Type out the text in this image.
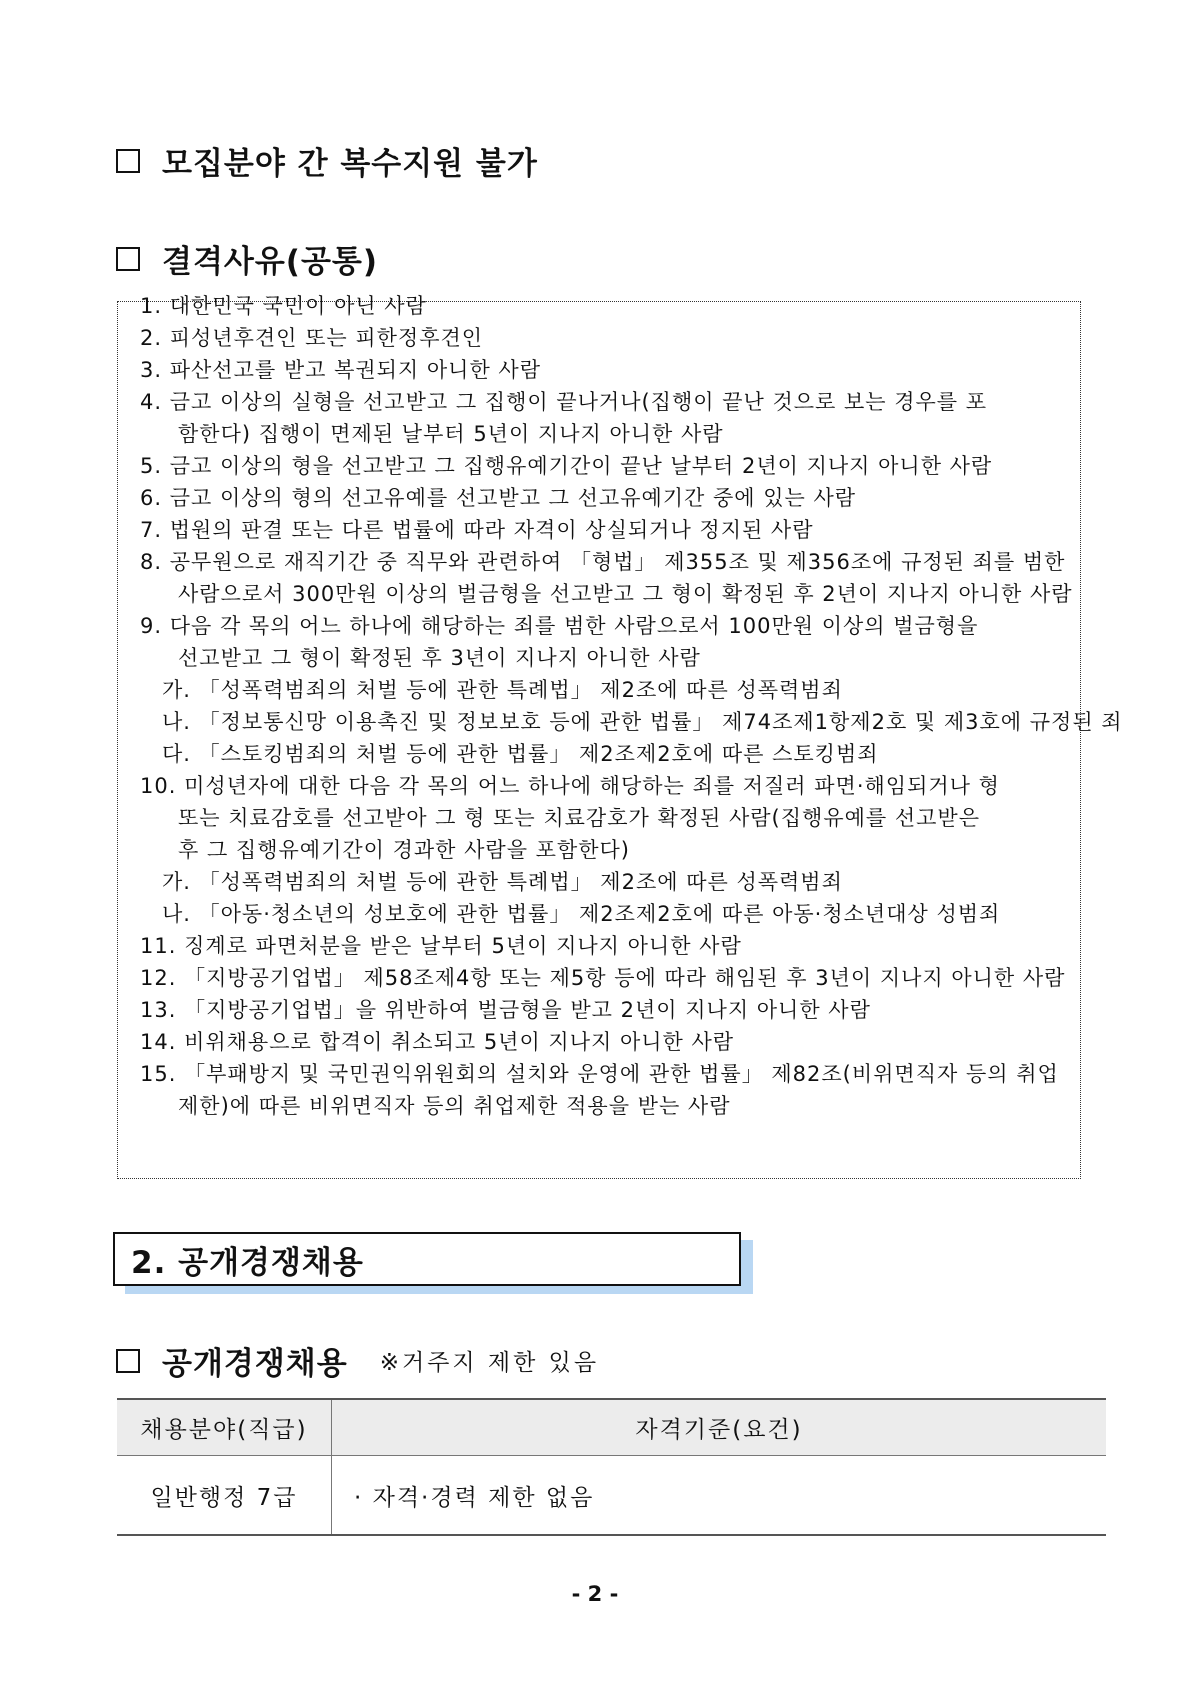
모집분야 간 복수지원 불가
결격사유(공통)
1. 대한민국 국민이 아닌 사람
2. 피성년후견인 또는 피한정후견인
3. 파산선고를 받고 복권되지 아니한 사람
4. 금고 이상의 실형을 선고받고 그 집행이 끝나거나(집행이 끝난 것으로 보는 경우를 포
함한다) 집행이 면제된 날부터 5년이 지나지 아니한 사람
5. 금고 이상의 형을 선고받고 그 집행유예기간이 끝난 날부터 2년이 지나지 아니한 사람
6. 금고 이상의 형의 선고유예를 선고받고 그 선고유예기간 중에 있는 사람
7. 법원의 판결 또는 다른 법률에 따라 자격이 상실되거나 정지된 사람
8. 공무원으로 재직기간 중 직무와 관련하여 「형법」 제355조 및 제356조에 규정된 죄를 범한
사람으로서 300만원 이상의 벌금형을 선고받고 그 형이 확정된 후 2년이 지나지 아니한 사람
9. 다음 각 목의 어느 하나에 해당하는 죄를 범한 사람으로서 100만원 이상의 벌금형을
선고받고 그 형이 확정된 후 3년이 지나지 아니한 사람
가. 「성폭력범죄의 처벌 등에 관한 특례법」 제2조에 따른 성폭력범죄
나. 「정보통신망 이용촉진 및 정보보호 등에 관한 법률」 제74조제1항제2호 및 제3호에 규정된 죄
다. 「스토킹범죄의 처벌 등에 관한 법률」 제2조제2호에 따른 스토킹범죄
10. 미성년자에 대한 다음 각 목의 어느 하나에 해당하는 죄를 저질러 파면·해임되거나 형
또는 치료감호를 선고받아 그 형 또는 치료감호가 확정된 사람(집행유예를 선고받은
후 그 집행유예기간이 경과한 사람을 포함한다)
가. 「성폭력범죄의 처벌 등에 관한 특례법」 제2조에 따른 성폭력범죄
나. 「아동·청소년의 성보호에 관한 법률」 제2조제2호에 따른 아동·청소년대상 성범죄
11. 징계로 파면처분을 받은 날부터 5년이 지나지 아니한 사람
12. 「지방공기업법」 제58조제4항 또는 제5항 등에 따라 해임된 후 3년이 지나지 아니한 사람
13. 「지방공기업법」을 위반하여 벌금형을 받고 2년이 지나지 아니한 사람
14. 비위채용으로 합격이 취소되고 5년이 지나지 아니한 사람
15. 「부패방지 및 국민권익위원회의 설치와 운영에 관한 법률」 제82조(비위면직자 등의 취업
제한)에 따른 비위면직자 등의 취업제한 적용을 받는 사람
2. 공개경쟁채용
공개경쟁채용 ※거주지 제한 있음
채용분야(직급)	자격기준(요건)
일반행정 7급	· 자격·경력 제한 없음
- 2 -
